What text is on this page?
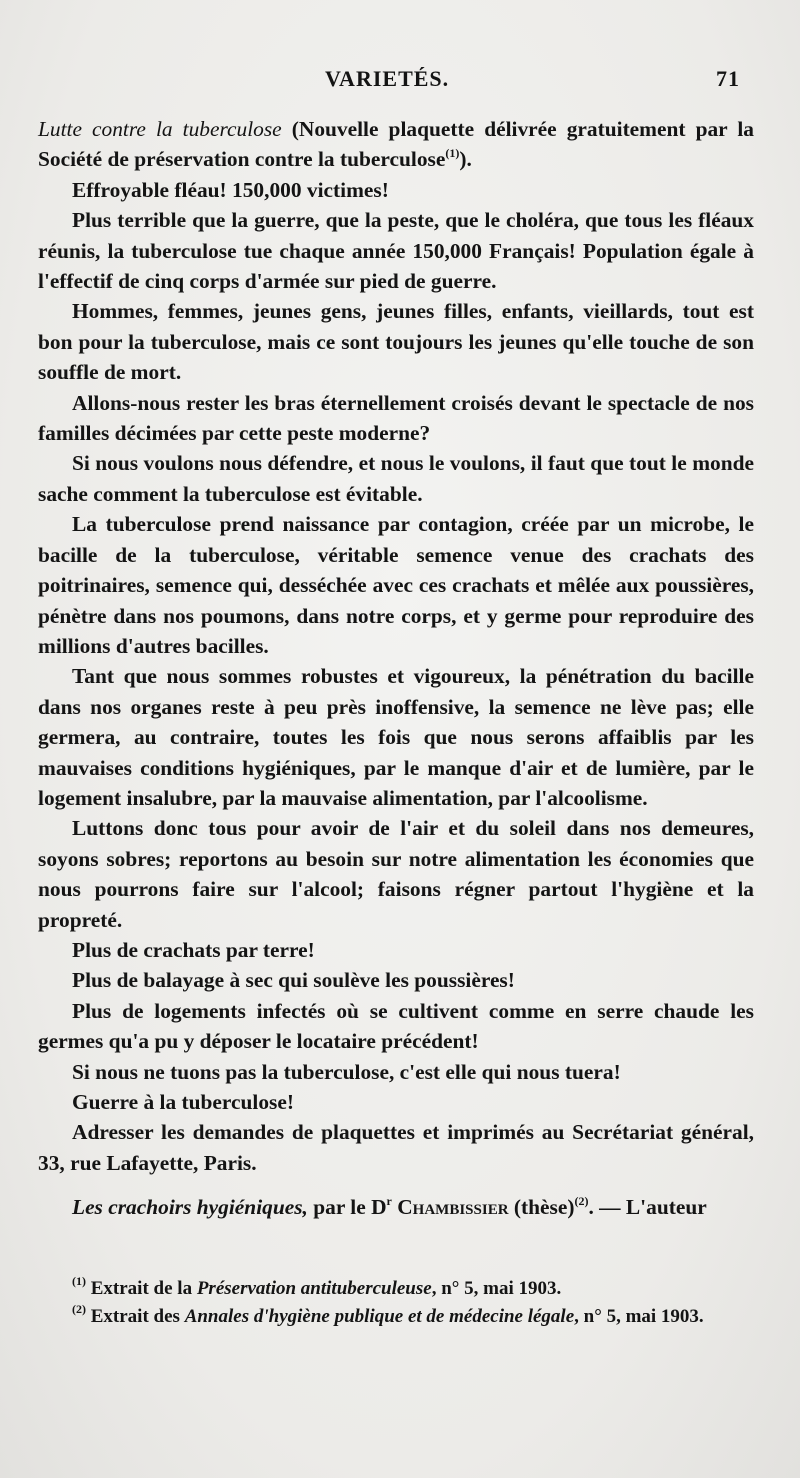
VARIETÉS.	71

Lutte contre la tuberculose (Nouvelle plaquette délivrée gratuitement par la Société de préservation contre la tuberculose$^{(1)}$).

Effroyable fléau! 150,000 victimes!

Plus terrible que la guerre, que la peste, que le choléra, que tous les fléaux réunis, la tuberculose tue chaque année 150,000 Français! Population égale à l'effectif de cinq corps d'armée sur pied de guerre.

Hommes, femmes, jeunes gens, jeunes filles, enfants, vieillards, tout est bon pour la tuberculose, mais ce sont toujours les jeunes qu'elle touche de son souffle de mort.

Allons-nous rester les bras éternellement croisés devant le spectacle de nos familles décimées par cette peste moderne?

Si nous voulons nous défendre, et nous le voulons, il faut que tout le monde sache comment la tuberculose est évitable.

La tuberculose prend naissance par contagion, créée par un microbe, le bacille de la tuberculose, véritable semence venue des crachats des poitrinaires, semence qui, desséchée avec ces crachats et mêlée aux poussières, pénètre dans nos poumons, dans notre corps, et y germe pour reproduire des millions d'autres bacilles.

Tant que nous sommes robustes et vigoureux, la pénétration du bacille dans nos organes reste à peu près inoffensive, la semence ne lève pas; elle germera, au contraire, toutes les fois que nous serons affaiblis par les mauvaises conditions hygiéniques, par le manque d'air et de lumière, par le logement insalubre, par la mauvaise alimentation, par l'alcoolisme.

Luttons donc tous pour avoir de l'air et du soleil dans nos demeures, soyons sobres; reportons au besoin sur notre alimentation les économies que nous pourrons faire sur l'alcool; faisons régner partout l'hygiène et la propreté.

Plus de crachats par terre!

Plus de balayage à sec qui soulève les poussières!

Plus de logements infectés où se cultivent comme en serre chaude les germes qu'a pu y déposer le locataire précédent!

Si nous ne tuons pas la tuberculose, c'est elle qui nous tuera!

Guerre à la tuberculose!

Adresser les demandes de plaquettes et imprimés au Secrétariat général, 33, rue Lafayette, Paris.

Les crachoirs hygiéniques, par le $D^r$ Chambissier (thèse)$^{(2)}$. — L'auteur

$^{(1)}$ Extrait de la Préservation antituberculeuse, n° 5, mai 1903.

$^{(2)}$ Extrait des Annales d'hygiène publique et de médecine légale, n° 5, mai 1903.
